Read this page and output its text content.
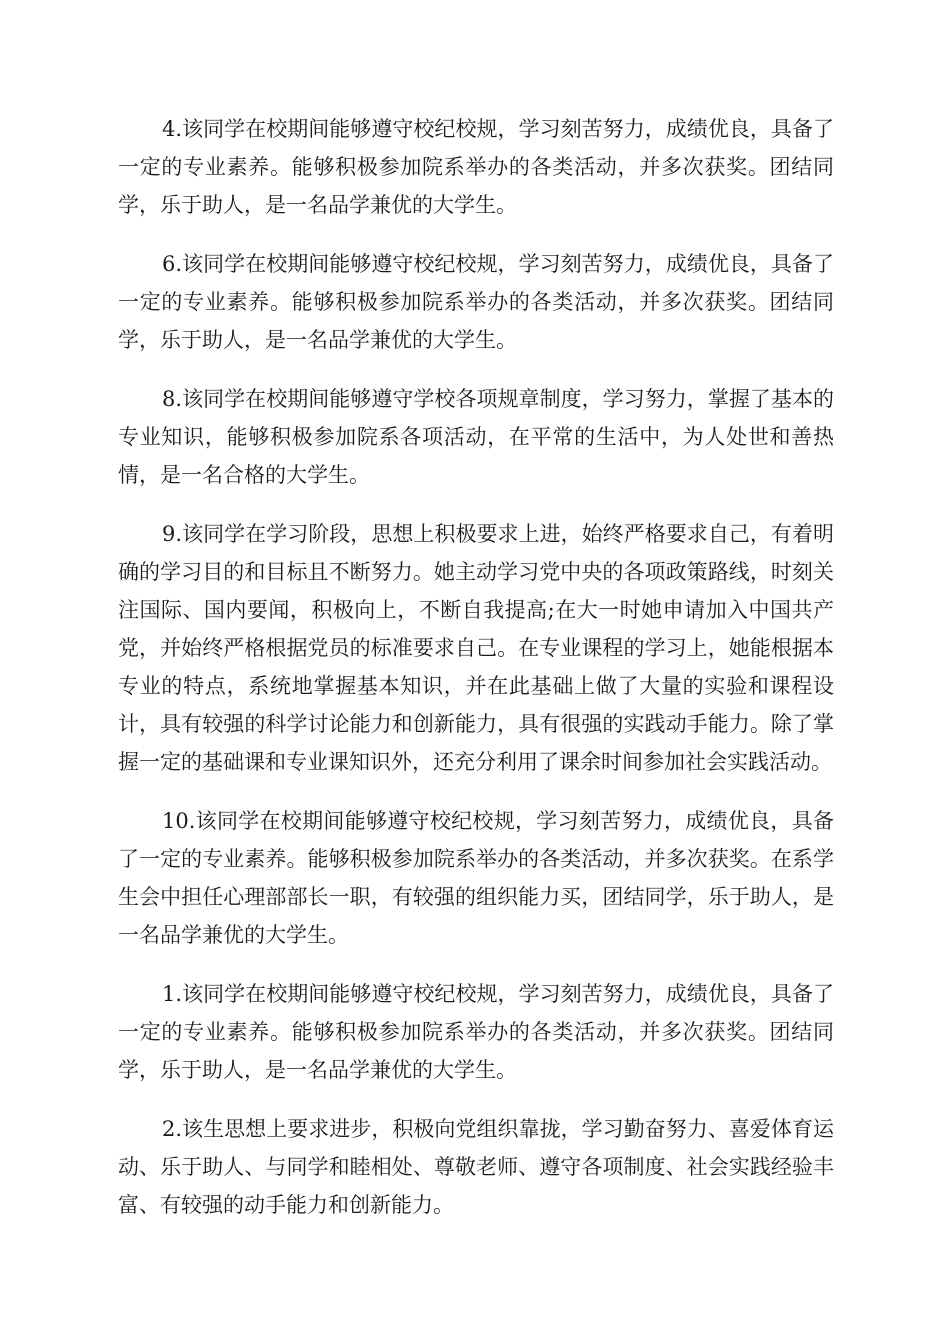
4.该同学在校期间能够遵守校纪校规，学习刻苦努力，成绩优良，具备了一定的专业素养。能够积极参加院系举办的各类活动，并多次获奖。团结同学，乐于助人，是一名品学兼优的大学生。

6.该同学在校期间能够遵守校纪校规，学习刻苦努力，成绩优良，具备了一定的专业素养。能够积极参加院系举办的各类活动，并多次获奖。团结同学，乐于助人，是一名品学兼优的大学生。

8.该同学在校期间能够遵守学校各项规章制度，学习努力，掌握了基本的专业知识，能够积极参加院系各项活动，在平常的生活中，为人处世和善热情，是一名合格的大学生。

9.该同学在学习阶段，思想上积极要求上进，始终严格要求自己，有着明确的学习目的和目标且不断努力。她主动学习党中央的各项政策路线，时刻关注国际、国内要闻，积极向上，不断自我提高;在大一时她申请加入中国共产党，并始终严格根据党员的标准要求自己。在专业课程的学习上，她能根据本专业的特点，系统地掌握基本知识，并在此基础上做了大量的实验和课程设计，具有较强的科学讨论能力和创新能力，具有很强的实践动手能力。除了掌握一定的基础课和专业课知识外，还充分利用了课余时间参加社会实践活动。

10.该同学在校期间能够遵守校纪校规，学习刻苦努力，成绩优良，具备了一定的专业素养。能够积极参加院系举办的各类活动，并多次获奖。在系学生会中担任心理部部长一职，有较强的组织能力买，团结同学，乐于助人，是一名品学兼优的大学生。

1.该同学在校期间能够遵守校纪校规，学习刻苦努力，成绩优良，具备了一定的专业素养。能够积极参加院系举办的各类活动，并多次获奖。团结同学，乐于助人，是一名品学兼优的大学生。

2.该生思想上要求进步，积极向党组织靠拢，学习勤奋努力、喜爱体育运动、乐于助人、与同学和睦相处、尊敬老师、遵守各项制度、社会实践经验丰富、有较强的动手能力和创新能力。
